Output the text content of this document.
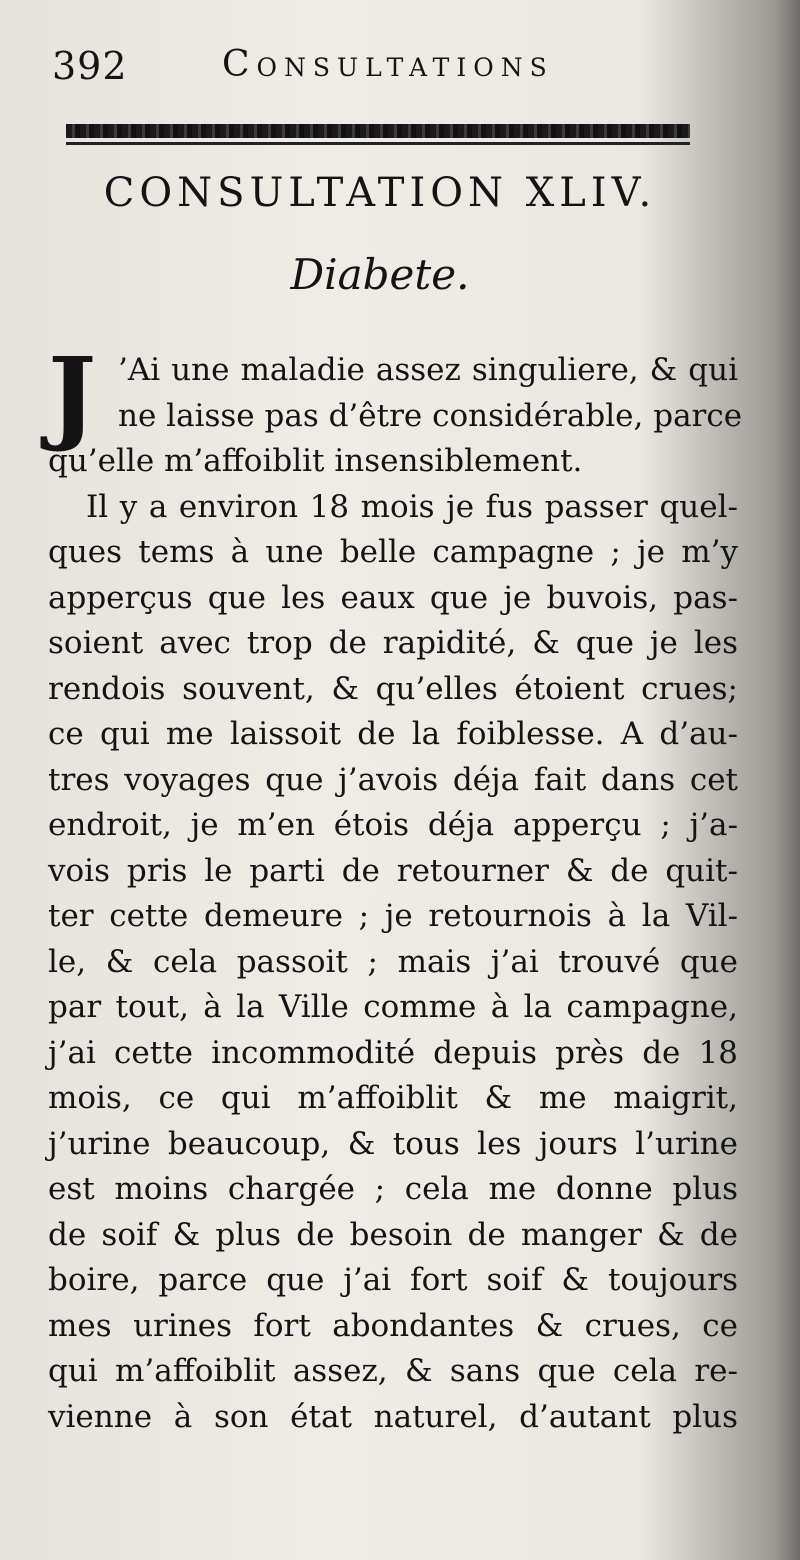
392	Consultations
CONSULTATION XLIV.
Diabete.
J ’Ai une maladie assez singuliere, & qui
ne laisse pas d’être considérable, parce
qu’elle m’affoiblit insensiblement.
Il y a environ 18 mois je fus passer quel-
ques tems à une belle campagne ; je m’y
apperçus que les eaux que je buvois, pas-
soient avec trop de rapidité, & que je les
rendois souvent, & qu’elles étoient crues;
ce qui me laissoit de la foiblesse. A d’au-
tres voyages que j’avois déja fait dans cet
endroit, je m’en étois déja apperçu ; j’a-
vois pris le parti de retourner & de quit-
ter cette demeure ; je retournois à la Vil-
le, & cela passoit ; mais j’ai trouvé que
par tout, à la Ville comme à la campagne,
j’ai cette incommodité depuis près de 18
mois, ce qui m’affoiblit & me maigrit,
j’urine beaucoup, & tous les jours l’urine
est moins chargée ; cela me donne plus
de soif & plus de besoin de manger & de
boire, parce que j’ai fort soif & toujours
mes urines fort abondantes & crues, ce
qui m’affoiblit assez, & sans que cela re-
vienne à son état naturel, d’autant plus
